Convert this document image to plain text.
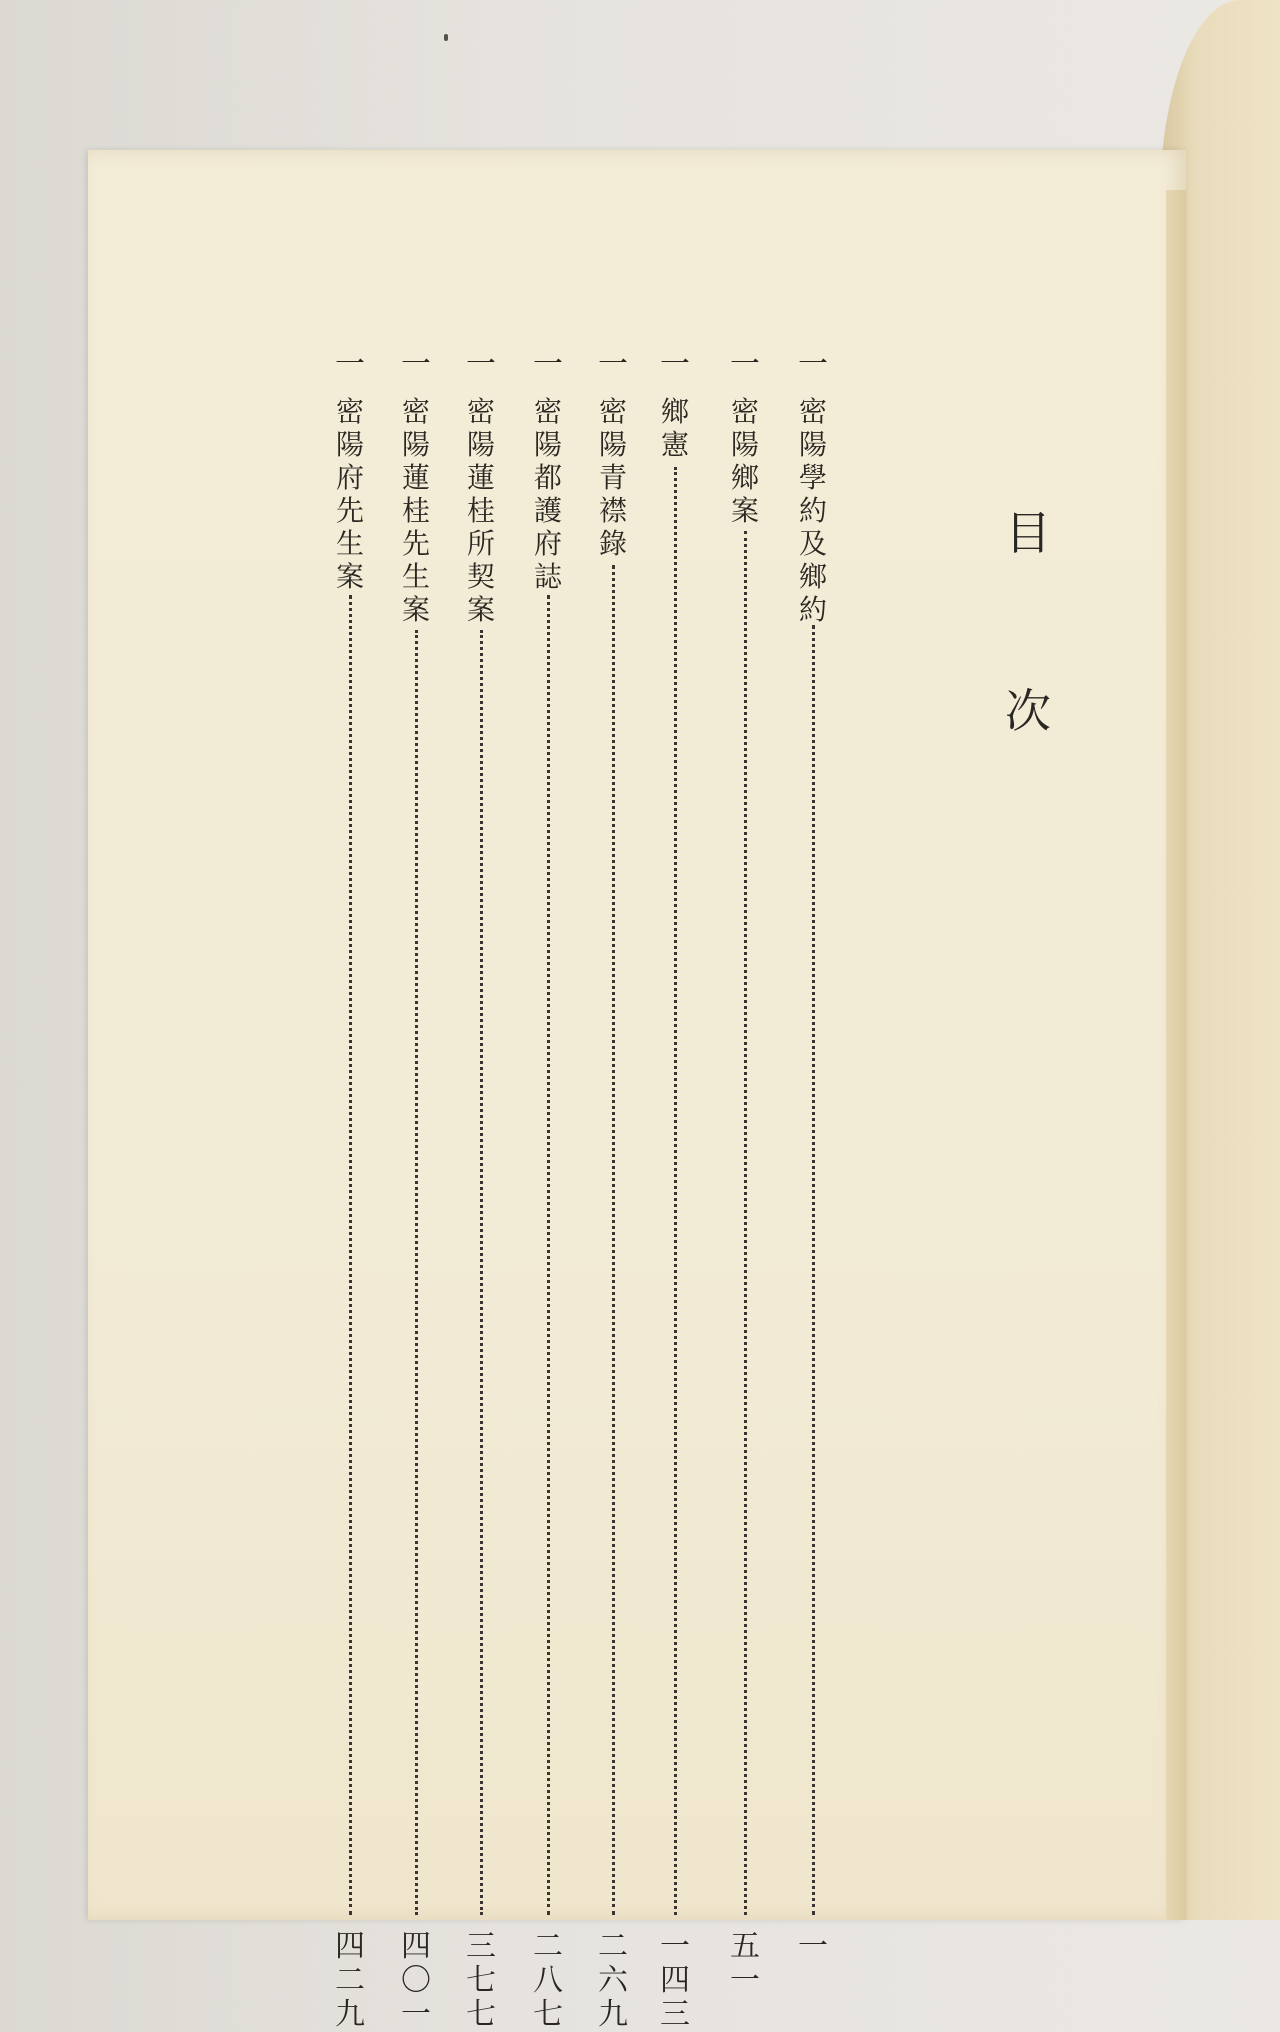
目
次
一
密陽學約及鄉約
一
一
密陽鄉案
五一
一
鄉憲
一四三
一
密陽青襟錄
二六九
一
密陽都護府誌
二八七
一
密陽蓮桂所契案
三七七
一
密陽蓮桂先生案
四〇一
一
密陽府先生案
四二九
